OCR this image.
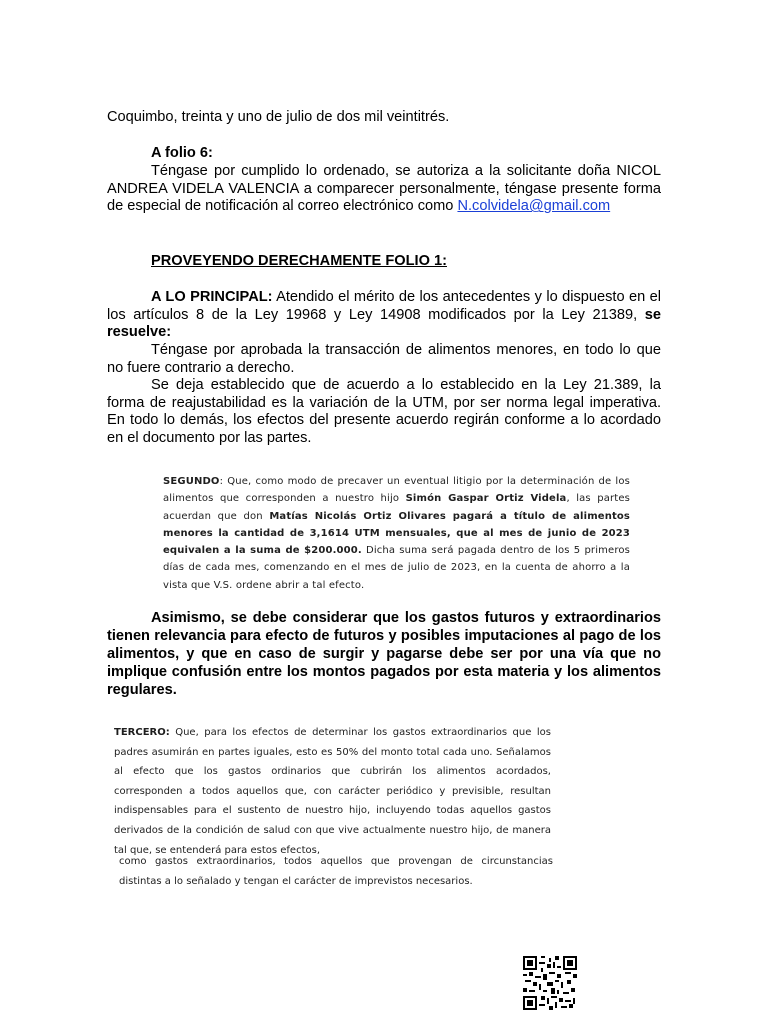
Coquimbo, treinta y uno de julio de dos mil veintitrés.

A folio 6:

Téngase por cumplido lo ordenado, se autoriza a la solicitante doña NICOL ANDREA VIDELA VALENCIA a comparecer personalmente, téngase presente forma de especial de notificación al correo electrónico como N.colvidela@gmail.com

PROVEYENDO DERECHAMENTE FOLIO 1:

A LO PRINCIPAL: Atendido el mérito de los antecedentes y lo dispuesto en el los artículos 8 de la Ley 19968 y Ley 14908 modificados por la Ley 21389, se resuelve:

Téngase por aprobada la transacción de alimentos menores, en todo lo que no fuere contrario a derecho.

Se deja establecido que de acuerdo a lo establecido en la Ley 21.389, la forma de reajustabilidad es la variación de la UTM, por ser norma legal imperativa. En todo lo demás, los efectos del presente acuerdo regirán conforme a lo acordado en el documento por las partes.

SEGUNDO: Que, como modo de precaver un eventual litigio por la determinación de los alimentos que corresponden a nuestro hijo Simón Gaspar Ortiz Videla, las partes acuerdan que don Matías Nicolás Ortiz Olivares pagará a título de alimentos menores la cantidad de 3,1614 UTM mensuales, que al mes de junio de 2023 equivalen a la suma de $200.000. Dicha suma será pagada dentro de los 5 primeros días de cada mes, comenzando en el mes de julio de 2023, en la cuenta de ahorro a la vista que V.S. ordene abrir a tal efecto.

Asimismo, se debe considerar que los gastos futuros y extraordinarios tienen relevancia para efecto de futuros y posibles imputaciones al pago de los alimentos, y que en caso de surgir y pagarse debe ser por una vía que no implique confusión entre los montos pagados por esta materia y los alimentos regulares.

TERCERO: Que, para los efectos de determinar los gastos extraordinarios que los padres asumirán en partes iguales, esto es 50% del monto total cada uno. Señalamos al efecto que los gastos ordinarios que cubrirán los alimentos acordados, corresponden a todos aquellos que, con carácter periódico y previsible, resultan indispensables para el sustento de nuestro hijo, incluyendo todas aquellos gastos derivados de la condición de salud con que vive actualmente nuestro hijo, de manera tal que, se entenderá para estos efectos,
como gastos extraordinarios, todos aquellos que provengan de circunstancias distintas a lo señalado y tengan el carácter de imprevistos necesarios.
